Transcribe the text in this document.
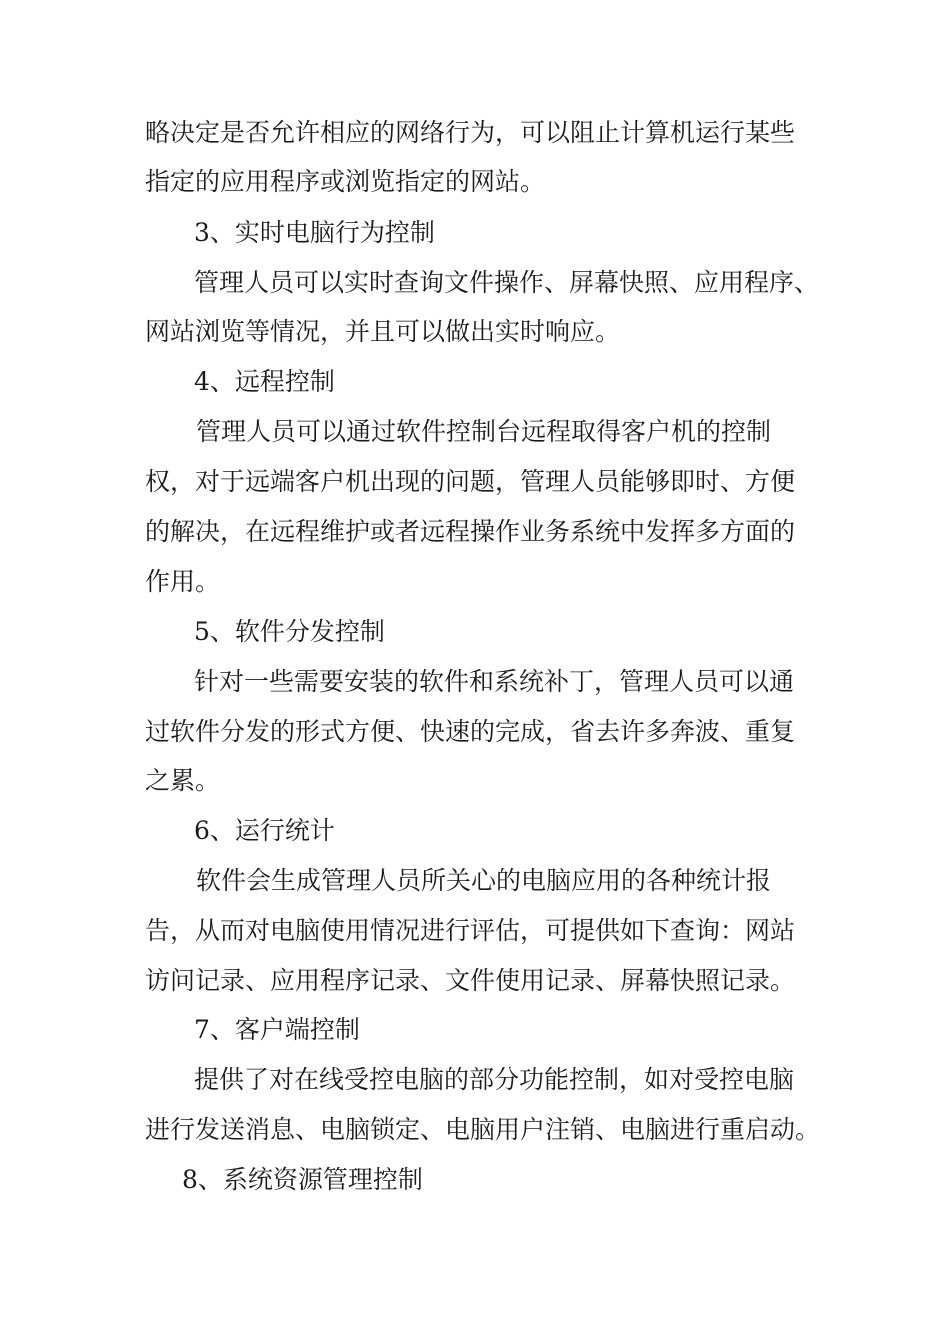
略决定是否允许相应的网络行为，可以阻止计算机运行某些
指定的应用程序或浏览指定的网站。
3、实时电脑行为控制
管理人员可以实时查询文件操作、屏幕快照、应用程序、
网站浏览等情况，并且可以做出实时响应。
4、远程控制
管理人员可以通过软件控制台远程取得客户机的控制
权，对于远端客户机出现的问题，管理人员能够即时、方便
的解决，在远程维护或者远程操作业务系统中发挥多方面的
作用。
5、软件分发控制
针对一些需要安装的软件和系统补丁，管理人员可以通
过软件分发的形式方便、快速的完成，省去许多奔波、重复
之累。
6、运行统计
软件会生成管理人员所关心的电脑应用的各种统计报
告，从而对电脑使用情况进行评估，可提供如下查询：网站
访问记录、应用程序记录、文件使用记录、屏幕快照记录。
7、客户端控制
提供了对在线受控电脑的部分功能控制，如对受控电脑
进行发送消息、电脑锁定、电脑用户注销、电脑进行重启动。
8、系统资源管理控制
